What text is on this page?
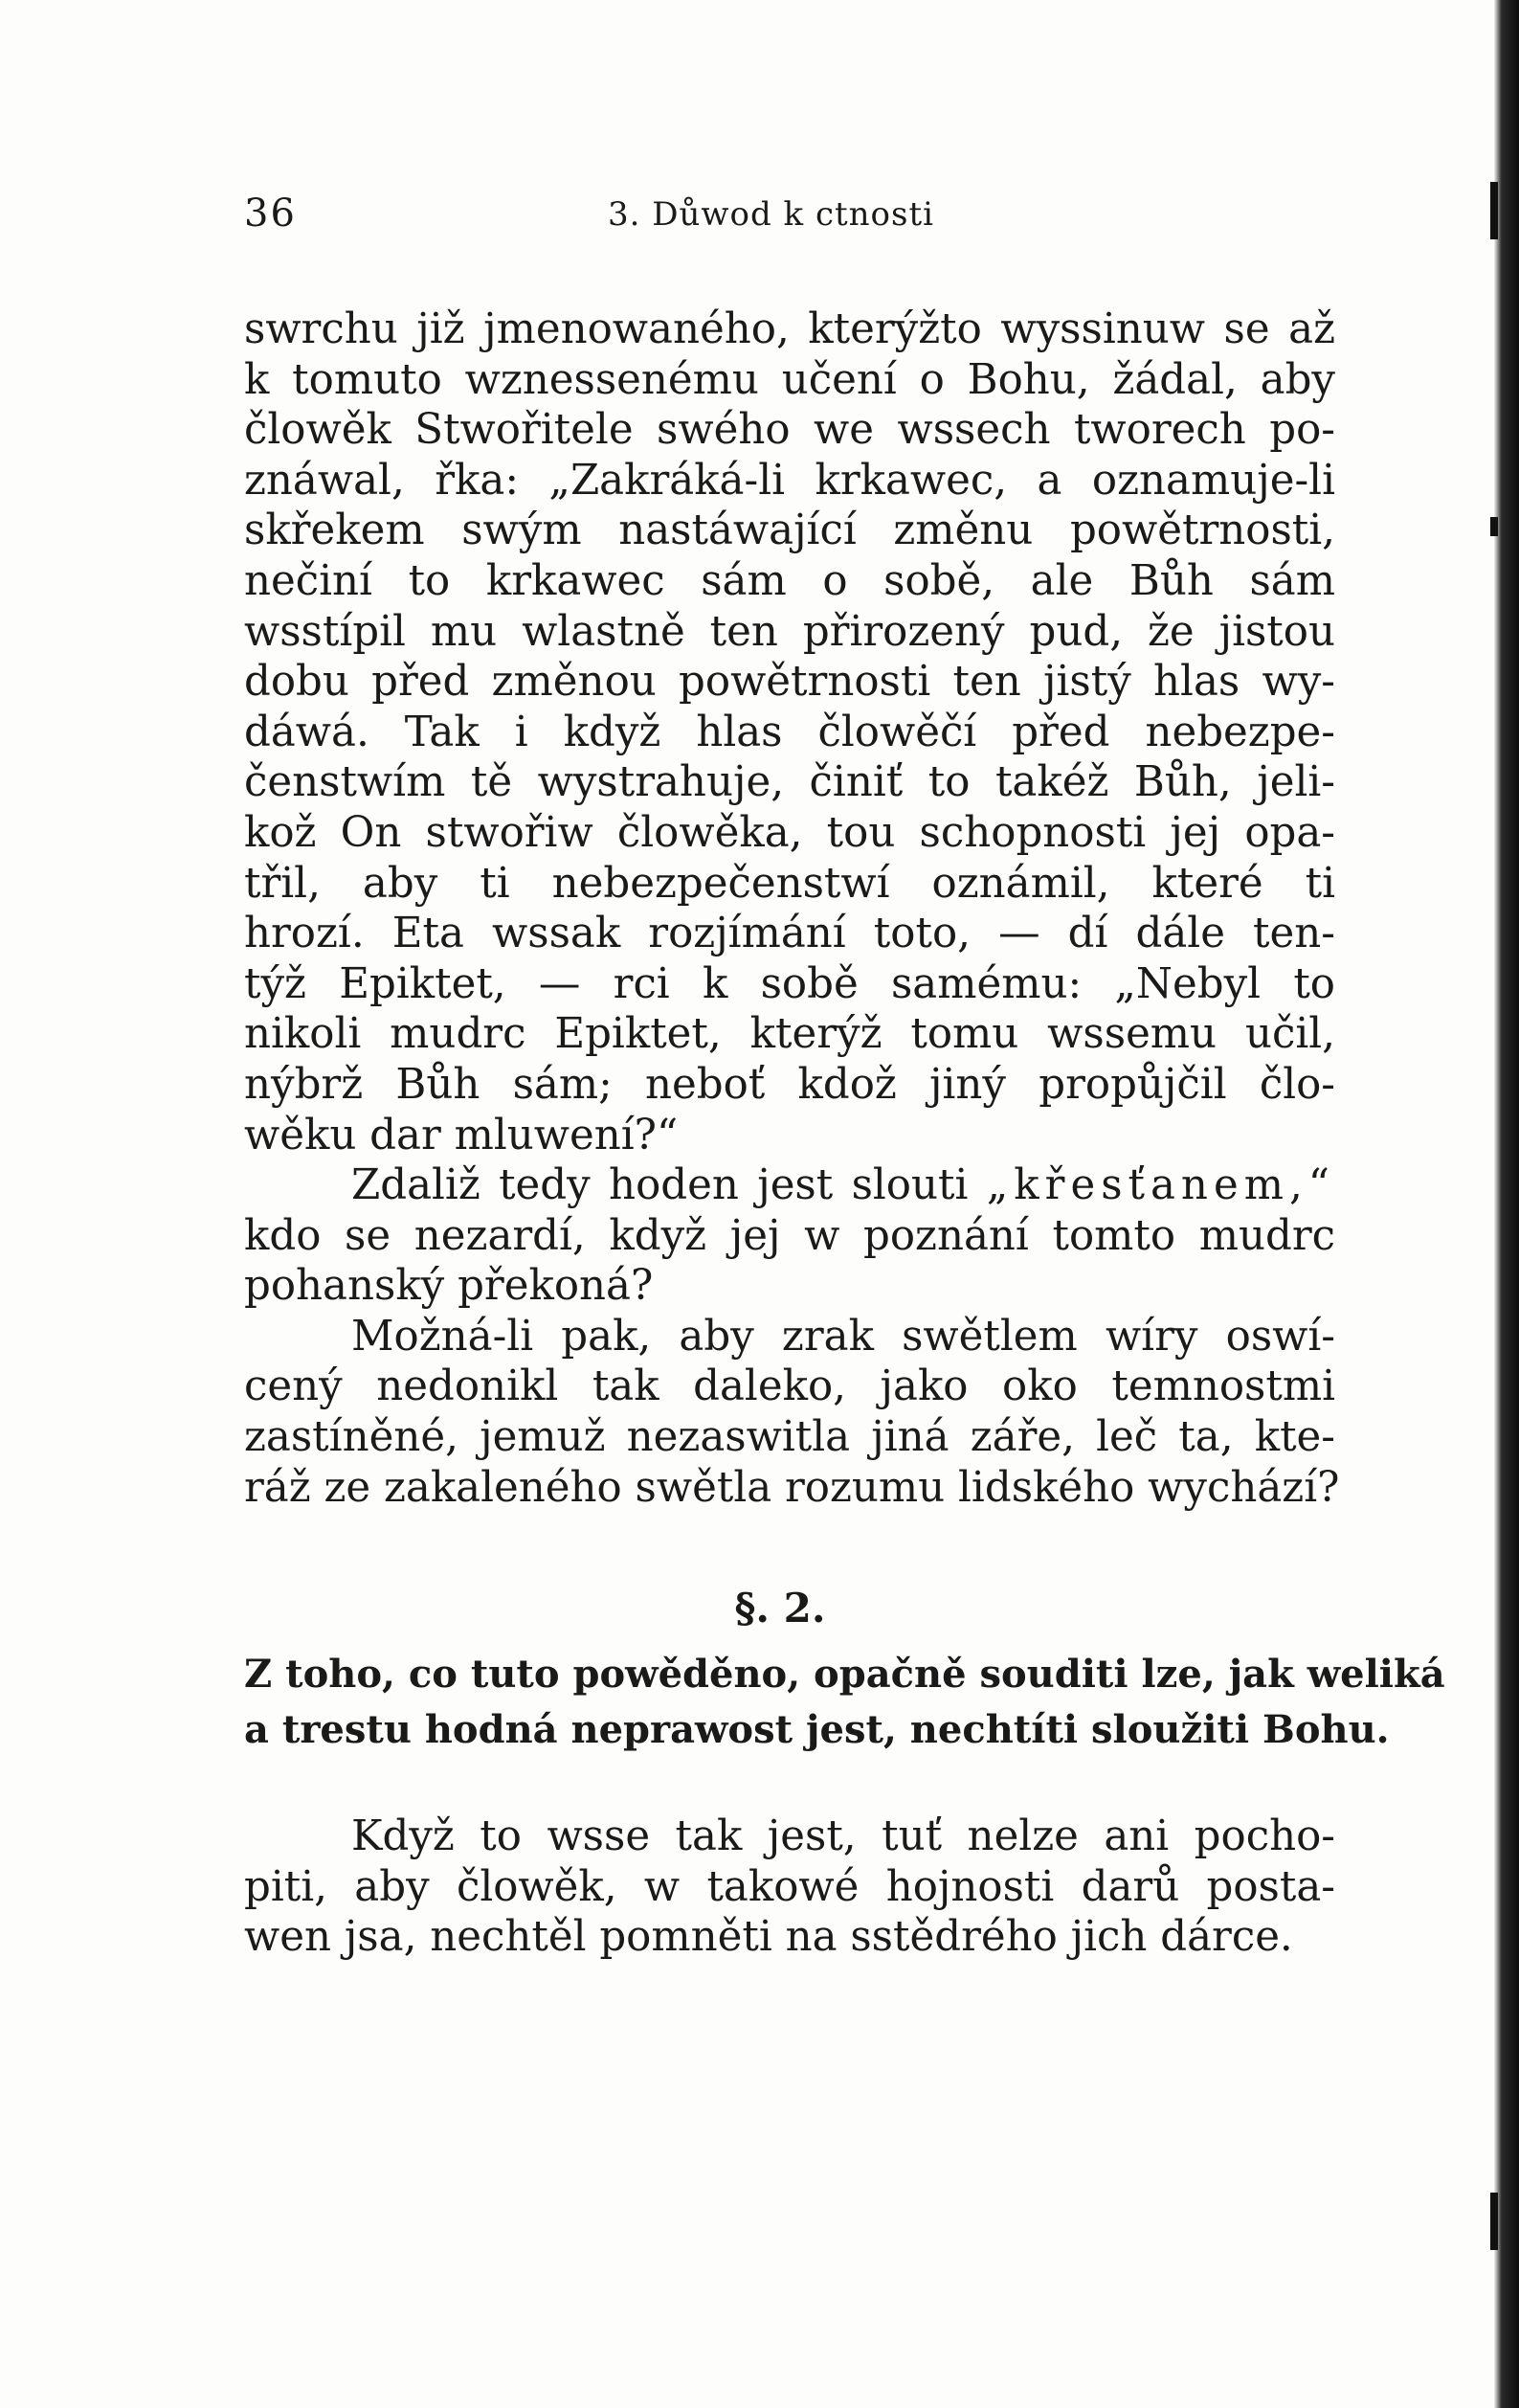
36	3. Důwod k ctnosti
swrchu již jmenowaného, kterýžto wyssinuw se až
k tomuto wznessenému učení o Bohu, žádal, aby
člowěk Stwořitele swého we wssech tworech po-
znáwal, řka: „Zakráká-li krkawec, a oznamuje-li
skřekem swým nastáwající změnu powětrnosti,
nečiní to krkawec sám o sobě, ale Bůh sám
wsstípil mu wlastně ten přirozený pud, že jistou
dobu před změnou powětrnosti ten jistý hlas wy-
dáwá. Tak i když hlas člowěčí před nebezpe-
čenstwím tě wystrahuje, činiť to takéž Bůh, jeli-
kož On stwořiw člowěka, tou schopnosti jej opa-
třil, aby ti nebezpečenstwí oznámil, které ti
hrozí. Eta wssak rozjímání toto, — dí dále ten-
týž Epiktet, — rci k sobě samému: „Nebyl to
nikoli mudrc Epiktet, kterýž tomu wssemu učil,
nýbrž Bůh sám; neboť kdož jiný propůjčil člo-
wěku dar mluwení?“
Zdaliž tedy hoden jest slouti „křesťanem,“
kdo se nezardí, když jej w poznání tomto mudrc
pohanský překoná?
Možná-li pak, aby zrak swětlem wíry oswí-
cený nedonikl tak daleko, jako oko temnostmi
zastíněné, jemuž nezaswitla jiná záře, leč ta, kte-
ráž ze zakaleného swětla rozumu lidského wychází?
§. 2.
Z toho, co tuto powěděno, opačně souditi lze, jak weliká
a trestu hodná neprawost jest, nechtíti sloužiti Bohu.
Když to wsse tak jest, tuť nelze ani pocho-
piti, aby člowěk, w takowé hojnosti darů posta-
wen jsa, nechtěl pomněti na sstědrého jich dárce.
